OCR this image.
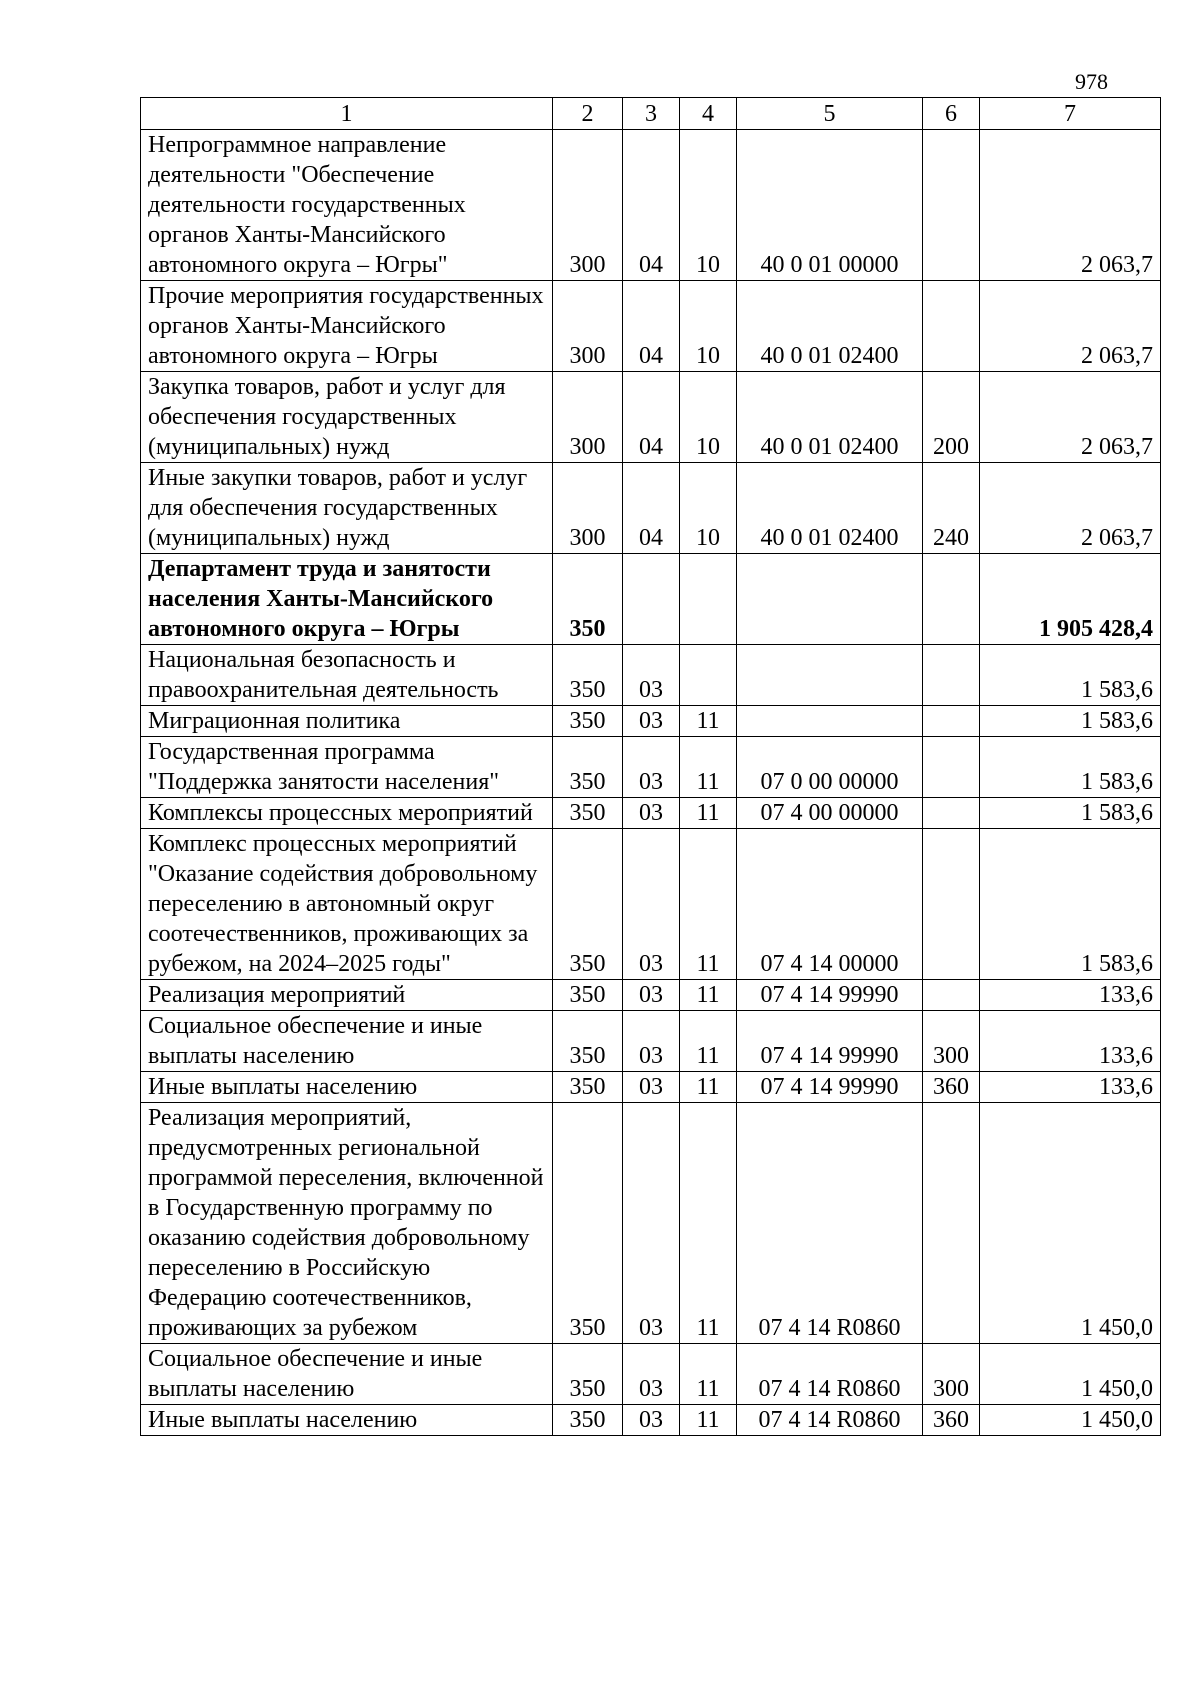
978
1	2	3	4	5	6	7
Непрограммное направление деятельности "Обеспечение деятельности государственных органов Ханты-Мансийского автономного округа – Югры"	300	04	10	40 0 01 00000		2 063,7
Прочие мероприятия государственных органов Ханты-Мансийского автономного округа – Югры	300	04	10	40 0 01 02400		2 063,7
Закупка товаров, работ и услуг для обеспечения государственных (муниципальных) нужд	300	04	10	40 0 01 02400	200	2 063,7
Иные закупки товаров, работ и услуг для обеспечения государственных (муниципальных) нужд	300	04	10	40 0 01 02400	240	2 063,7
Департамент труда и занятости населения Ханты-Мансийского автономного округа – Югры	350					1 905 428,4
Национальная безопасность и правоохранительная деятельность	350	03				1 583,6
Миграционная политика	350	03	11			1 583,6
Государственная программа "Поддержка занятости населения"	350	03	11	07 0 00 00000		1 583,6
Комплексы процессных мероприятий	350	03	11	07 4 00 00000		1 583,6
Комплекс процессных мероприятий "Оказание содействия добровольному переселению в автономный округ соотечественников, проживающих за рубежом, на 2024–2025 годы"	350	03	11	07 4 14 00000		1 583,6
Реализация мероприятий	350	03	11	07 4 14 99990		133,6
Социальное обеспечение и иные выплаты населению	350	03	11	07 4 14 99990	300	133,6
Иные выплаты населению	350	03	11	07 4 14 99990	360	133,6
Реализация мероприятий, предусмотренных региональной программой переселения, включенной в Государственную программу по оказанию содействия добровольному переселению в Российскую Федерацию соотечественников, проживающих за рубежом	350	03	11	07 4 14 R0860		1 450,0
Социальное обеспечение и иные выплаты населению	350	03	11	07 4 14 R0860	300	1 450,0
Иные выплаты населению	350	03	11	07 4 14 R0860	360	1 450,0
